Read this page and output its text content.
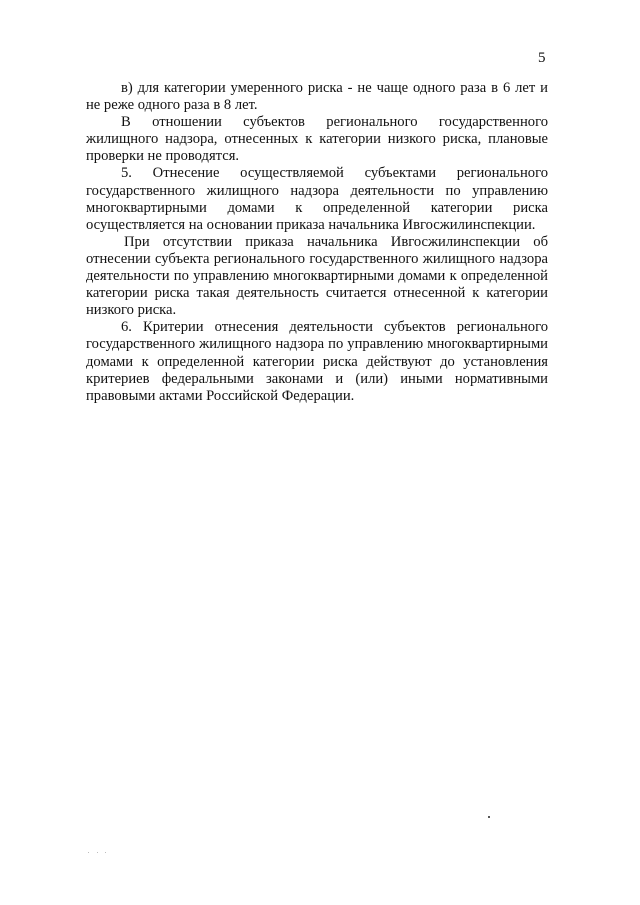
5

в) для категории умеренного риска - не чаще одного раза в 6 лет и не реже одного раза в 8 лет.

В отношении субъектов регионального государственного жилищного надзора, отнесенных к категории низкого риска, плановые проверки не проводятся.

5. Отнесение осуществляемой субъектами регионального государственного жилищного надзора деятельности по управлению многоквартирными домами к определенной категории риска осуществляется на основании приказа начальника Ивгосжилинспекции.

При отсутствии приказа начальника Ивгосжилинспекции об отнесении субъекта регионального государственного жилищного надзора деятельности по управлению многоквартирными домами к определенной категории риска такая деятельность считается отнесенной к категории низкого риска.

6. Критерии отнесения деятельности субъектов регионального государственного жилищного надзора по управлению многоквартирными домами к определенной категории риска действуют до установления критериев федеральными законами и (или) иными нормативными правовыми актами Российской Федерации.
